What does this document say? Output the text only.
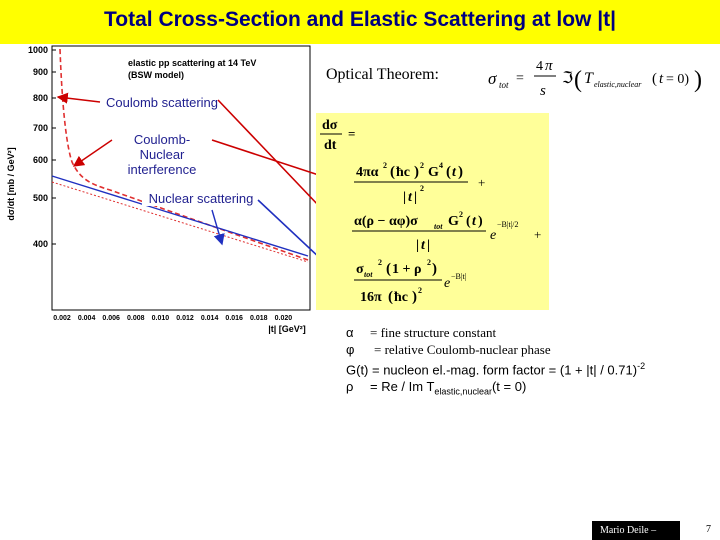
Total Cross-Section and Elastic Scattering at low |t|
dσ/dt [mb / GeV²]
|t| [GeV²]
elastic pp scattering at 14 TeV
(BSW model)
1000
900
800
700
600
500
400
0.002 0.004 0.006 0.008 0.010 0.012 0.014 0.016 0.018 0.020
Coulomb scattering
Coulomb-Nuclear
interference
Nuclear scattering
Optical Theorem:	σ tot =
4 π
s
ℑ ( T elastic,nuclear ( t = 0) )
dσ
dt
=
4πα 2 ( ħc ) 2 G 4 ( t )
| t |
2	+
α(ρ − αφ)σ tot G 2 ( t )
| t |
e
−B|t|/2
+
σ tot
2 ( 1 + ρ 2 )
16π ( ħc ) 2 e −B|t|
α = fine structure constant
φ = relative Coulomb-nuclear phase
G(t) = nucleon el.-mag. form factor = $(1 + |t| / 0.71)^{-2}$
ρ = Re / Im $T_{elastic,nuclear}(t = 0)$
Mario Deile –	7
